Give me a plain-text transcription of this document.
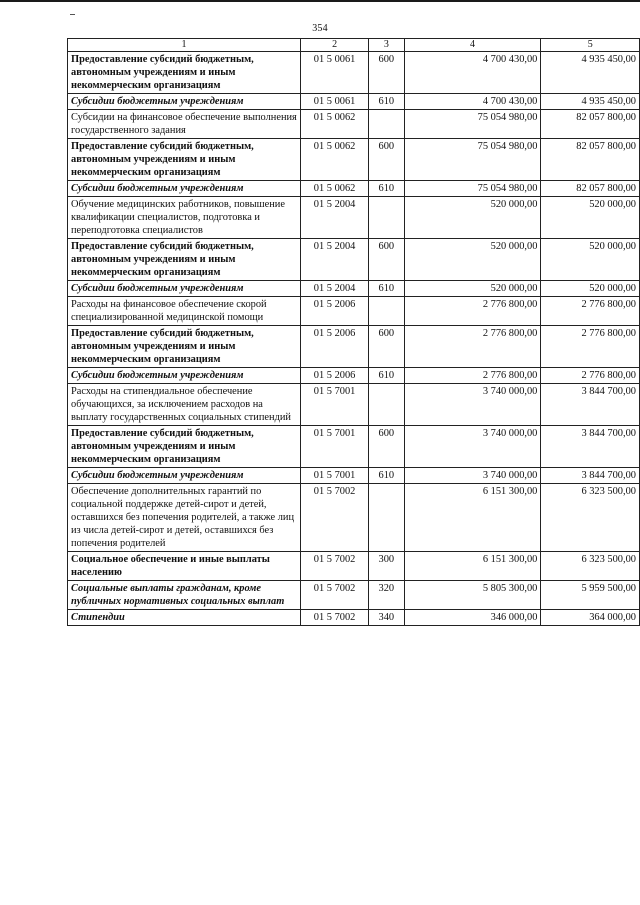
354
1	2	3	4	5
Предоставление субсидий бюджетным, автономным учреждениям и иным некоммерческим организациям	01 5 0061	600	4 700 430,00	4 935 450,00
Субсидии бюджетным учреждениям	01 5 0061	610	4 700 430,00	4 935 450,00
Субсидии на финансовое обеспечение выполнения государственного задания	01 5 0062		75 054 980,00	82 057 800,00
Предоставление субсидий бюджетным, автономным учреждениям и иным некоммерческим организациям	01 5 0062	600	75 054 980,00	82 057 800,00
Субсидии бюджетным учреждениям	01 5 0062	610	75 054 980,00	82 057 800,00
Обучение медицинских работников, повышение квалификации специалистов, подготовка и переподготовка специалистов	01 5 2004		520 000,00	520 000,00
Предоставление субсидий бюджетным, автономным учреждениям и иным некоммерческим организациям	01 5 2004	600	520 000,00	520 000,00
Субсидии бюджетным учреждениям	01 5 2004	610	520 000,00	520 000,00
Расходы на финансовое обеспечение скорой специализированной медицинской помощи	01 5 2006		2 776 800,00	2 776 800,00
Предоставление субсидий бюджетным, автономным учреждениям и иным некоммерческим организациям	01 5 2006	600	2 776 800,00	2 776 800,00
Субсидии бюджетным учреждениям	01 5 2006	610	2 776 800,00	2 776 800,00
Расходы на стипендиальное обеспечение обучающихся, за исключением расходов на выплату государственных социальных стипендий	01 5 7001		3 740 000,00	3 844 700,00
Предоставление субсидий бюджетным, автономным учреждениям и иным некоммерческим организациям	01 5 7001	600	3 740 000,00	3 844 700,00
Субсидии бюджетным учреждениям	01 5 7001	610	3 740 000,00	3 844 700,00
Обеспечение дополнительных гарантий по социальной поддержке детей-сирот и детей, оставшихся без попечения родителей, а также лиц из числа детей-сирот и детей, оставшихся без попечения родителей	01 5 7002		6 151 300,00	6 323 500,00
Социальное обеспечение и иные выплаты населению	01 5 7002	300	6 151 300,00	6 323 500,00
Социальные выплаты гражданам, кроме публичных нормативных социальных выплат	01 5 7002	320	5 805 300,00	5 959 500,00
Стипендии	01 5 7002	340	346 000,00	364 000,00
